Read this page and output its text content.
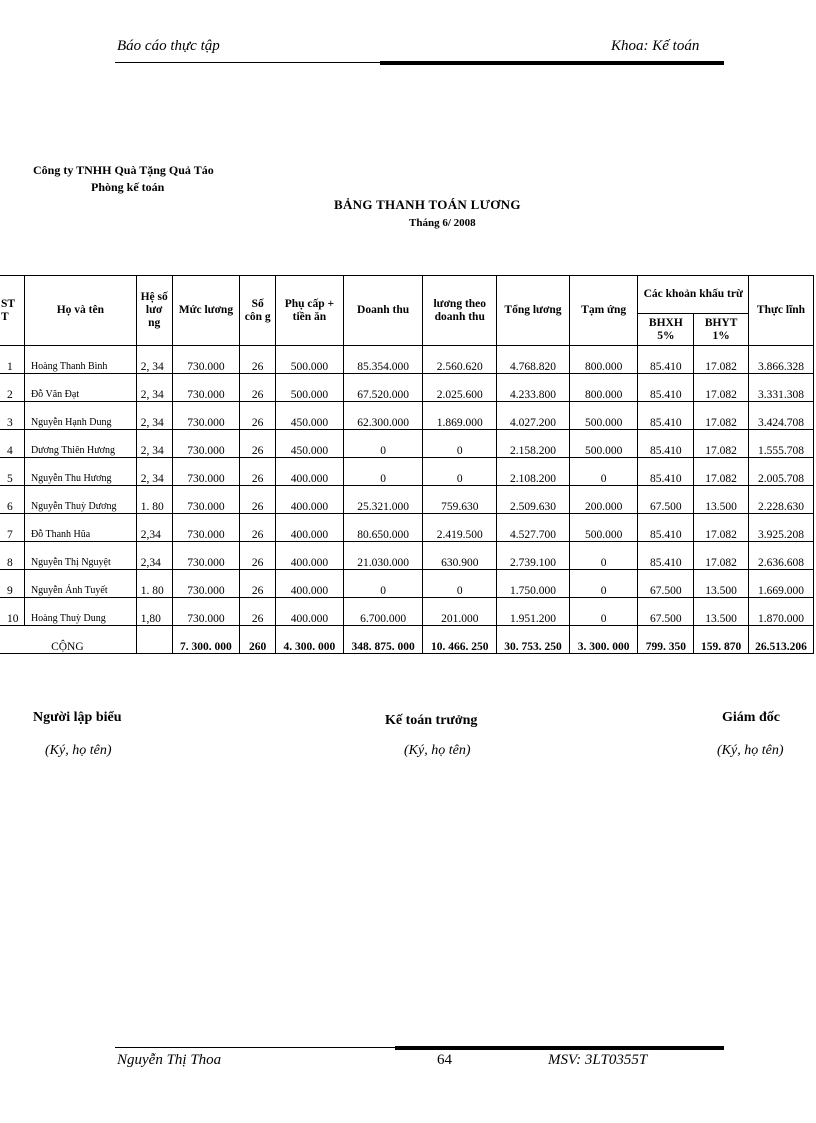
Báo cáo thực tập	Khoa: Kế toán
Công ty TNHH Quà Tặng Quả Táo
Phòng kế toán
BẢNG THANH TOÁN LƯƠNG
Tháng 6/ 2008
ST T	Họ và tên	Hệ số lươ ng	Mức lương	Số côn g	Phụ cấp + tiền ăn	Doanh thu	lương theo doanh thu	Tổng lương	Tạm ứng	Các khoản khấu trừ		Thực lĩnh
										BHXH 5%	BHYT 1%	
1	Hoàng Thanh Bình	2, 34	730.000	26	500.000	85.354.000	2.560.620	4.768.820	800.000	85.410	17.082	3.866.328
2	Đỗ Văn Đạt	2, 34	730.000	26	500.000	67.520.000	2.025.600	4.233.800	800.000	85.410	17.082	3.331.308
3	Nguyễn Hạnh Dung	2, 34	730.000	26	450.000	62.300.000	1.869.000	4.027.200	500.000	85.410	17.082	3.424.708
4	Dương Thiên Hương	2, 34	730.000	26	450.000	0	0	2.158.200	500.000	85.410	17.082	1.555.708
5	Nguyễn Thu Hương	2, 34	730.000	26	400.000	0	0	2.108.200	0	85.410	17.082	2.005.708
6	Nguyễn Thuỳ Dương	1. 80	730.000	26	400.000	25.321.000	759.630	2.509.630	200.000	67.500	13.500	2.228.630
7	Đỗ Thanh Hũa	2,34	730.000	26	400.000	80.650.000	2.419.500	4.527.700	500.000	85.410	17.082	3.925.208
8	Nguyễn Thị Nguyệt	2,34	730.000	26	400.000	21.030.000	630.900	2.739.100	0	85.410	17.082	2.636.608
9	Nguyễn Ánh Tuyết	1. 80	730.000	26	400.000	0	0	1.750.000	0	67.500	13.500	1.669.000
10	Hoàng Thuỳ Dung	1,80	730.000	26	400.000	6.700.000	201.000	1.951.200	0	67.500	13.500	1.870.000
CỘNG			7. 300. 000	260	4. 300. 000	348. 875. 000	10. 466. 250	30. 753. 250	3. 300. 000	799. 350	159. 870	26.513.206
Người lập biểu
(Ký, họ tên)
Kế toán trưởng
(Ký, họ tên)
Giám đốc
(Ký, họ tên)
Nguyễn Thị Thoa	64	MSV: 3LT0355T
